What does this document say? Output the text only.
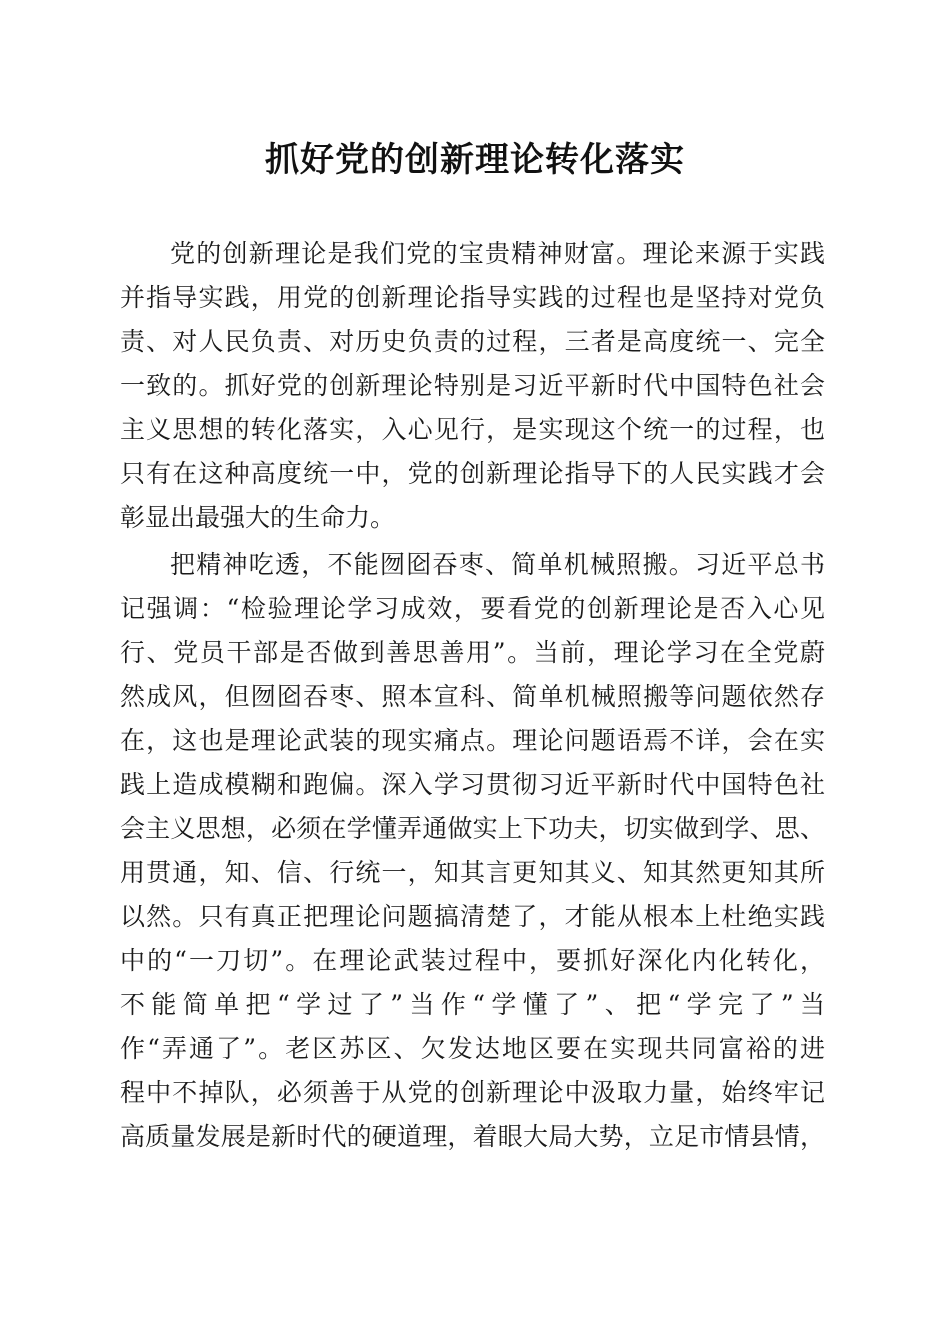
抓好党的创新理论转化落实
党的创新理论是我们党的宝贵精神财富。理论来源于实践
并指导实践，用党的创新理论指导实践的过程也是坚持对党负
责、对人民负责、对历史负责的过程，三者是高度统一、完全
一致的。抓好党的创新理论特别是习近平新时代中国特色社会
主义思想的转化落实，入心见行，是实现这个统一的过程，也
只有在这种高度统一中，党的创新理论指导下的人民实践才会
彰显出最强大的生命力。
把精神吃透，不能囫囵吞枣、简单机械照搬。习近平总书
记强调：“检验理论学习成效，要看党的创新理论是否入心见
行、党员干部是否做到善思善用”。当前，理论学习在全党蔚
然成风，但囫囵吞枣、照本宣科、简单机械照搬等问题依然存
在，这也是理论武装的现实痛点。理论问题语焉不详，会在实
践上造成模糊和跑偏。深入学习贯彻习近平新时代中国特色社
会主义思想，必须在学懂弄通做实上下功夫，切实做到学、思、
用贯通，知、信、行统一，知其言更知其义、知其然更知其所
以然。只有真正把理论问题搞清楚了，才能从根本上杜绝实践
中的“一刀切”。在理论武装过程中，要抓好深化内化转化，
不能简单把“学过了”当作“学懂了”、把“学完了”当
作“弄通了”。老区苏区、欠发达地区要在实现共同富裕的进
程中不掉队，必须善于从党的创新理论中汲取力量，始终牢记
高质量发展是新时代的硬道理，着眼大局大势，立足市情县情，
